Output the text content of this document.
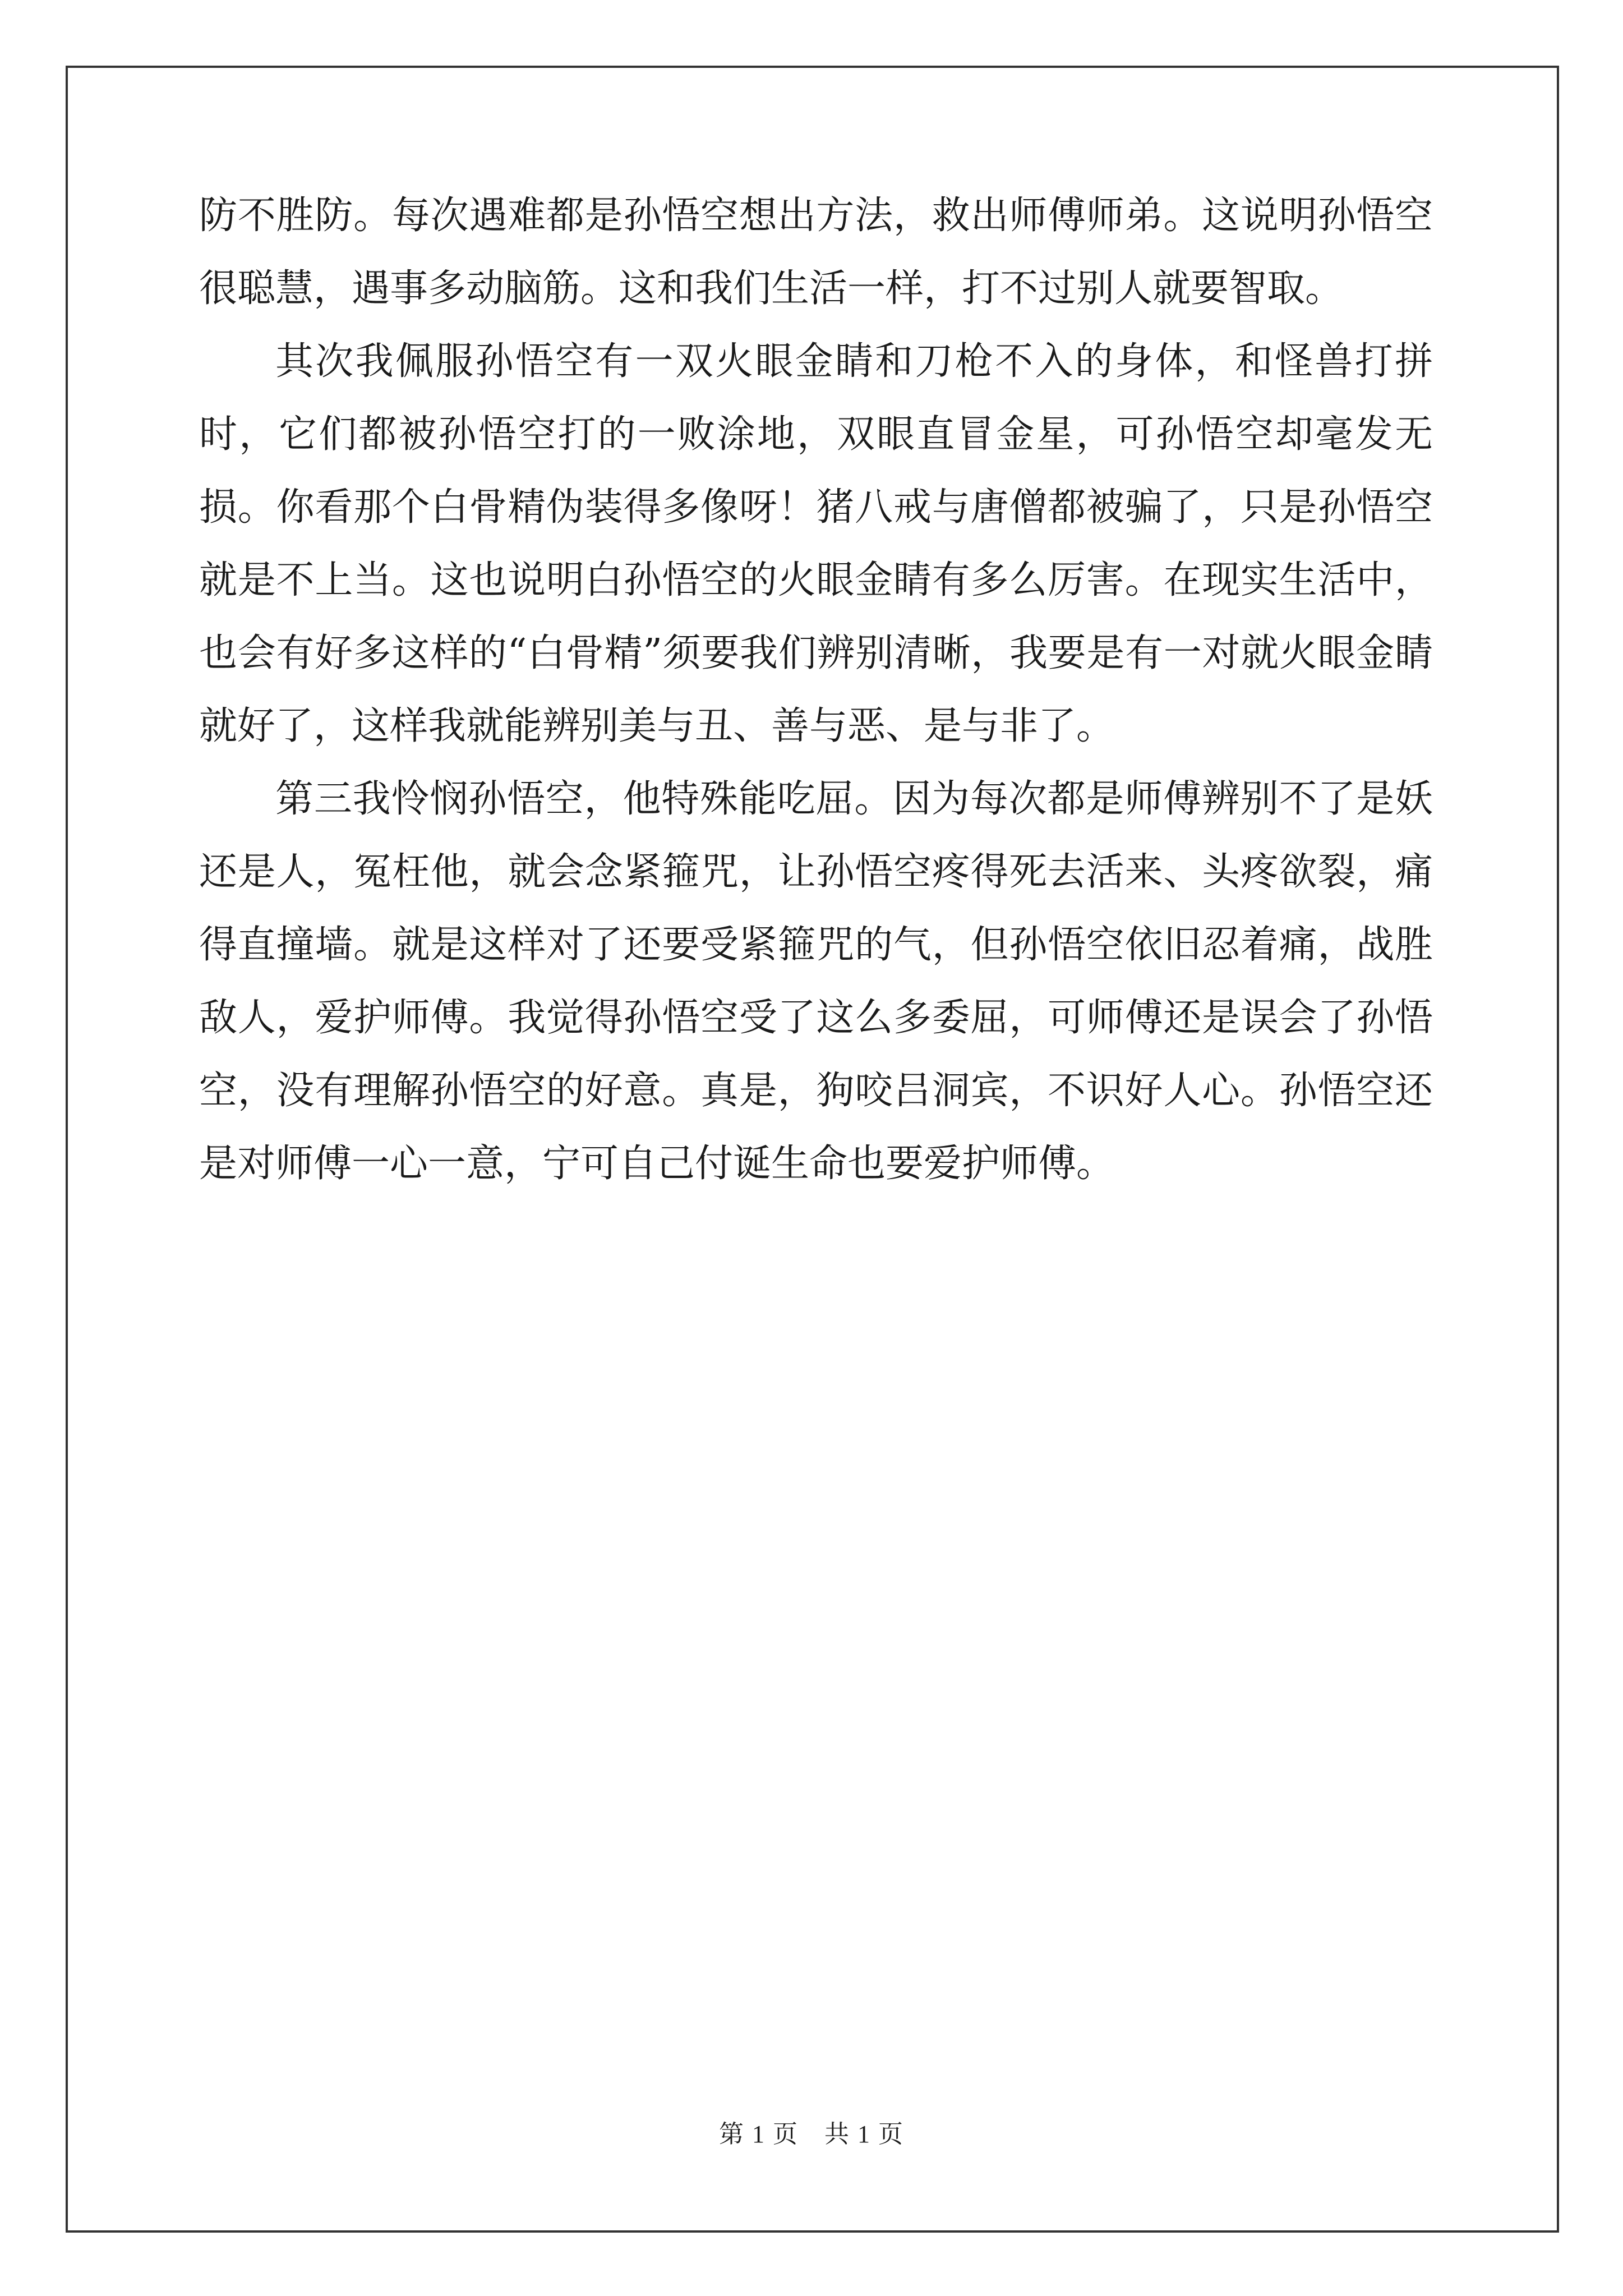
防不胜防。每次遇难都是孙悟空想出方法，救出师傅师弟。这说明孙悟空很聪慧，遇事多动脑筋。这和我们生活一样，打不过别人就要智取。

其次我佩服孙悟空有一双火眼金睛和刀枪不入的身体，和怪兽打拼时，它们都被孙悟空打的一败涂地，双眼直冒金星，可孙悟空却毫发无损。你看那个白骨精伪装得多像呀！猪八戒与唐僧都被骗了，只是孙悟空就是不上当。这也说明白孙悟空的火眼金睛有多么厉害。在现实生活中，也会有好多这样的“白骨精”须要我们辨别清晰，我要是有一对就火眼金睛就好了，这样我就能辨别美与丑、善与恶、是与非了。

第三我怜悯孙悟空，他特殊能吃屈。因为每次都是师傅辨别不了是妖还是人，冤枉他，就会念紧箍咒，让孙悟空疼得死去活来、头疼欲裂，痛得直撞墙。就是这样对了还要受紧箍咒的气，但孙悟空依旧忍着痛，战胜敌人，爱护师傅。我觉得孙悟空受了这么多委屈，可师傅还是误会了孙悟空，没有理解孙悟空的好意。真是，狗咬吕洞宾，不识好人心。孙悟空还是对师傅一心一意，宁可自己付诞生命也要爱护师傅。

第 1 页　共 1 页
